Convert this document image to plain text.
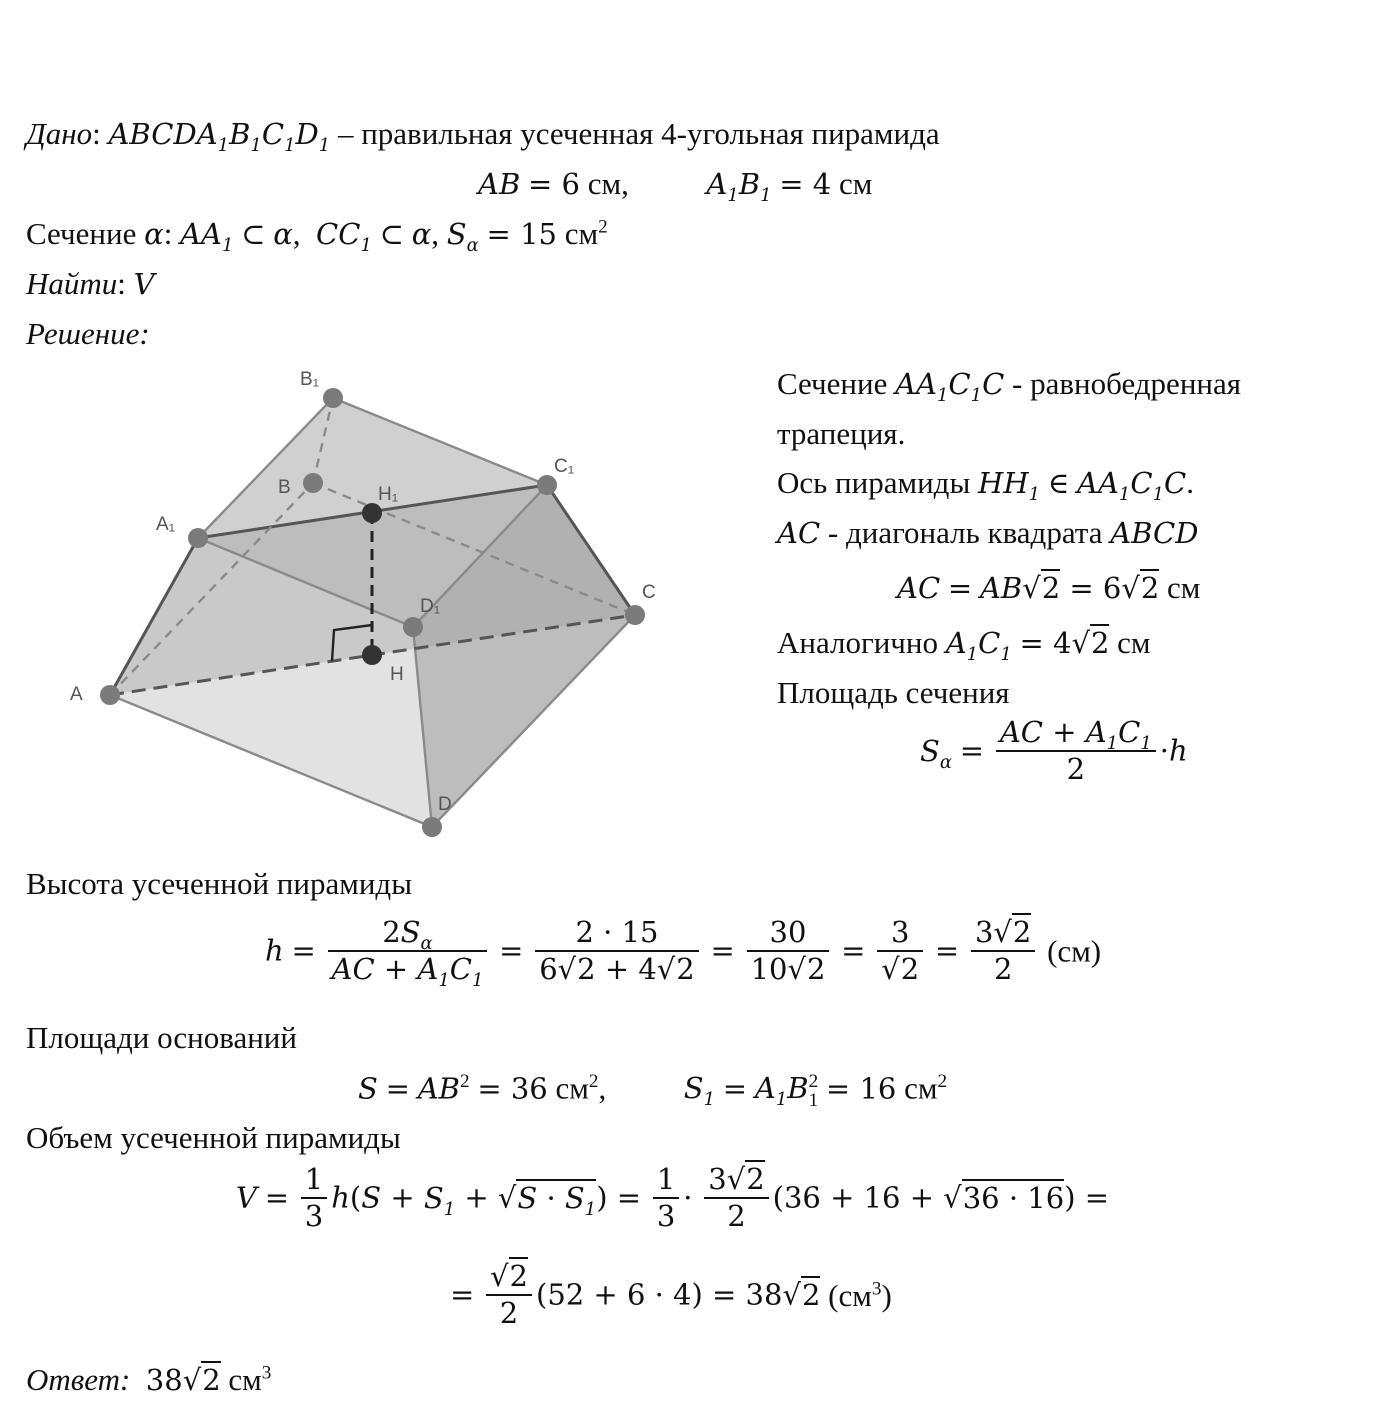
Дано: $ABCDA_1B_1C_1D_1$ – правильная усеченная 4-угольная пирамида
AB = 6 см,  $A_1B_1 = 4$ см
Сечение α: $AA_1$ ⊂ α,  $CC_1$ ⊂ α, $S_\alpha = 15$ $см^2$
Найти: V
Решение:
A
B
C
D
A₁
B₁
C₁
D₁
H₁
H
Сечение $AA_1C_1C$ - равнобедренная
трапеция.
Ось пирамиды $HH_1$ ∈ $AA_1C_1C$.
AC - диагональ квадрата ABCD
AC = AB√2 = 6√2 см
Аналогично $A_1C_1 = 4√2$ см
Площадь сечения
$S_\alpha = \frac{AC + A_1C_1}{2} \cdot h$
Высота усеченной пирамиды
$h = \frac{2S_\alpha}{AC + A_1C_1} = \frac{2 \cdot 15}{6√2 + 4√2} = \frac{30}{10√2} = \frac{3}{√2} = \frac{3√2}{2} (см)$
Площади оснований
$S = AB^2 = 36$ $см^2$,  $S_1 = A_1B$ 2
1 = 16 $см^2$
Объем усеченной пирамиды
$V = \frac{1}{3} h(S + S_1 + √S \cdot S_1) = \frac{1}{3} \cdot \frac{3√2}{2} (36 + 16 + √36 \cdot 16)$ =
= $\frac{√2}{2} (52 + 6 \cdot 4) = 38√2$ $(см^3)$
Ответ: 38√2 $см^3$
